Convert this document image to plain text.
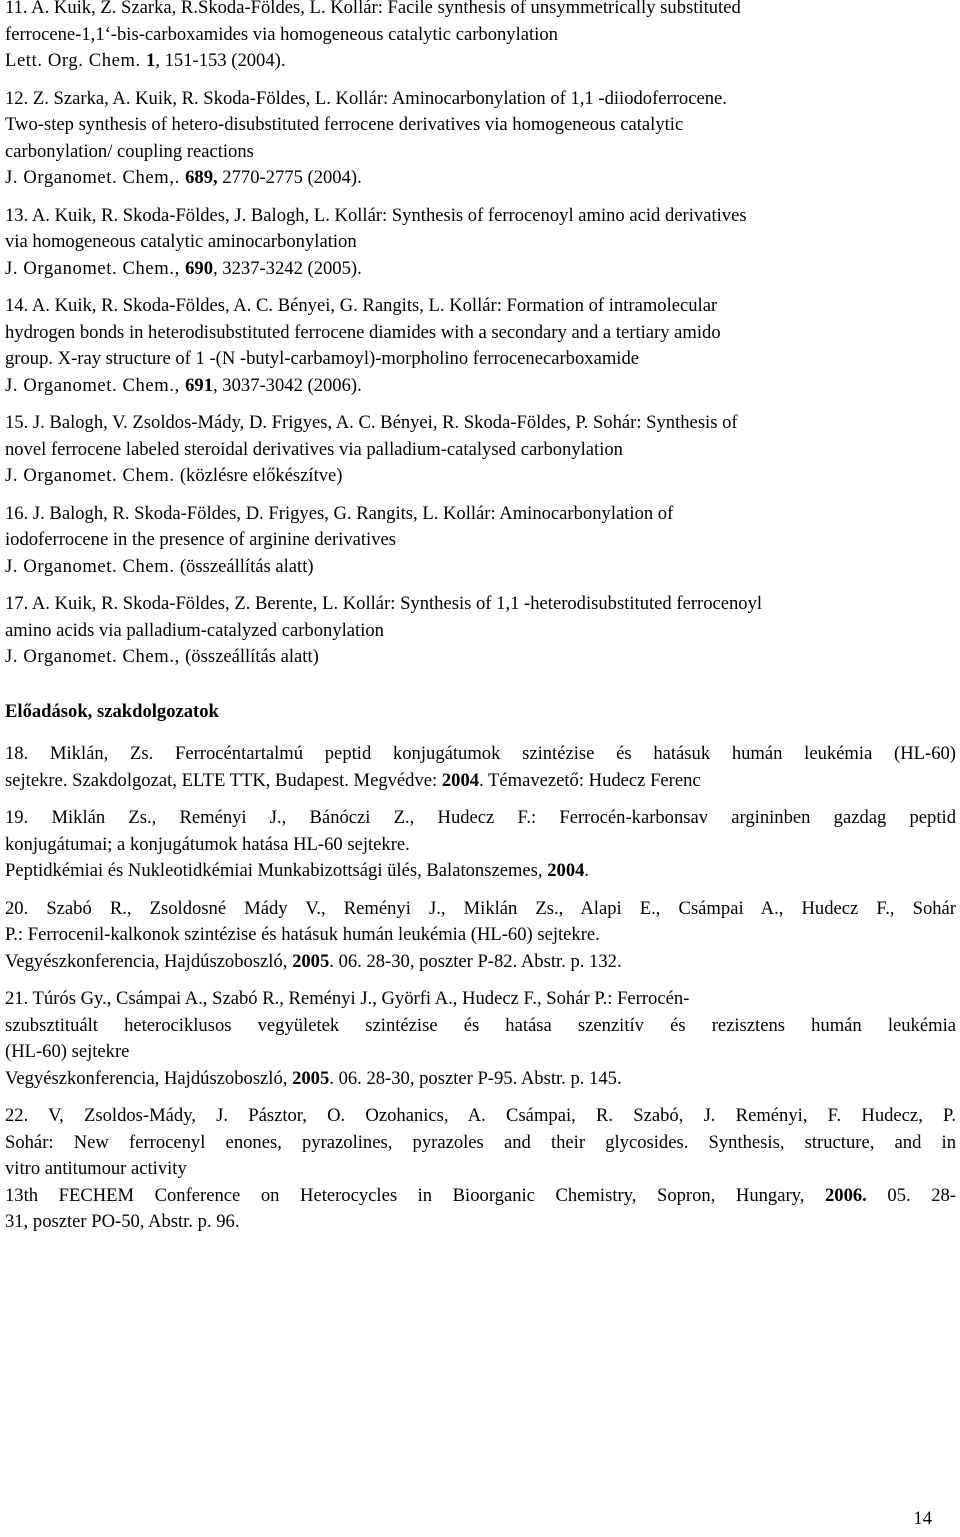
11. A. Kuik, Z. Szarka, R.Skoda-Földes, L. Kollár: Facile synthesis of unsymmetrically substituted
ferrocene-1,1‘-bis-carboxamides via homogeneous catalytic carbonylation
Lett. Org. Chem. 1, 151-153 (2004).
12. Z. Szarka, A. Kuik, R. Skoda-Földes, L. Kollár: Aminocarbonylation of 1,1 -diiodoferrocene.
Two-step synthesis of hetero-disubstituted ferrocene derivatives via homogeneous catalytic
carbonylation/ coupling reactions
J. Organomet. Chem,. 689, 2770-2775 (2004).
13. A. Kuik, R. Skoda-Földes, J. Balogh, L. Kollár: Synthesis of ferrocenoyl amino acid derivatives
via homogeneous catalytic aminocarbonylation
J. Organomet. Chem., 690, 3237-3242 (2005).
14. A. Kuik, R. Skoda-Földes, A. C. Bényei, G. Rangits, L. Kollár: Formation of intramolecular
hydrogen bonds in heterodisubstituted ferrocene diamides with a secondary and a tertiary amido
group. X-ray structure of 1 -(N -butyl-carbamoyl)-morpholino ferrocenecarboxamide
J. Organomet. Chem., 691, 3037-3042 (2006).
15. J. Balogh, V. Zsoldos-Mády, D. Frigyes, A. C. Bényei, R. Skoda-Földes, P. Sohár: Synthesis of
novel ferrocene labeled steroidal derivatives via palladium-catalysed carbonylation
J. Organomet. Chem. (közlésre előkészítve)
16. J. Balogh, R. Skoda-Földes, D. Frigyes, G. Rangits, L. Kollár: Aminocarbonylation of
iodoferrocene in the presence of arginine derivatives
J. Organomet. Chem. (összeállítás alatt)
17. A. Kuik, R. Skoda-Földes, Z. Berente, L. Kollár: Synthesis of 1,1 -heterodisubstituted ferrocenoyl
amino acids via palladium-catalyzed carbonylation
J. Organomet. Chem., (összeállítás alatt)
Előadások, szakdolgozatok
18. Miklán, Zs. Ferrocéntartalmú peptid konjugátumok szintézise és hatásuk humán leukémia (HL-60)
sejtekre. Szakdolgozat, ELTE TTK, Budapest. Megvédve: 2004. Témavezető: Hudecz Ferenc
19. Miklán Zs., Reményi J., Bánóczi Z., Hudecz F.: Ferrocén-karbonsav argininben gazdag peptid
konjugátumai; a konjugátumok hatása HL-60 sejtekre.
Peptidkémiai és Nukleotidkémiai Munkabizottsági ülés, Balatonszemes, 2004.
20. Szabó R., Zsoldosné Mády V., Reményi J., Miklán Zs., Alapi E., Csámpai A., Hudecz F., Sohár
P.: Ferrocenil-kalkonok szintézise és hatásuk humán leukémia (HL-60) sejtekre.
Vegyészkonferencia, Hajdúszoboszló, 2005. 06. 28-30, poszter P-82. Abstr. p. 132.
21. Túrós Gy., Csámpai A., Szabó R., Reményi J., Györfi A., Hudecz F., Sohár P.: Ferrocén-
szubsztituált heterociklusos vegyületek szintézise és hatása szenzitív és rezisztens humán leukémia
(HL-60) sejtekre
Vegyészkonferencia, Hajdúszoboszló, 2005. 06. 28-30, poszter P-95. Abstr. p. 145.
22. V, Zsoldos-Mády, J. Pásztor, O. Ozohanics, A. Csámpai, R. Szabó, J. Reményi, F. Hudecz, P.
Sohár: New ferrocenyl enones, pyrazolines, pyrazoles and their glycosides. Synthesis, structure, and in
vitro antitumour activity
13th FECHEM Conference on Heterocycles in Bioorganic Chemistry, Sopron, Hungary, 2006. 05. 28-
31, poszter PO-50, Abstr. p. 96.
14
